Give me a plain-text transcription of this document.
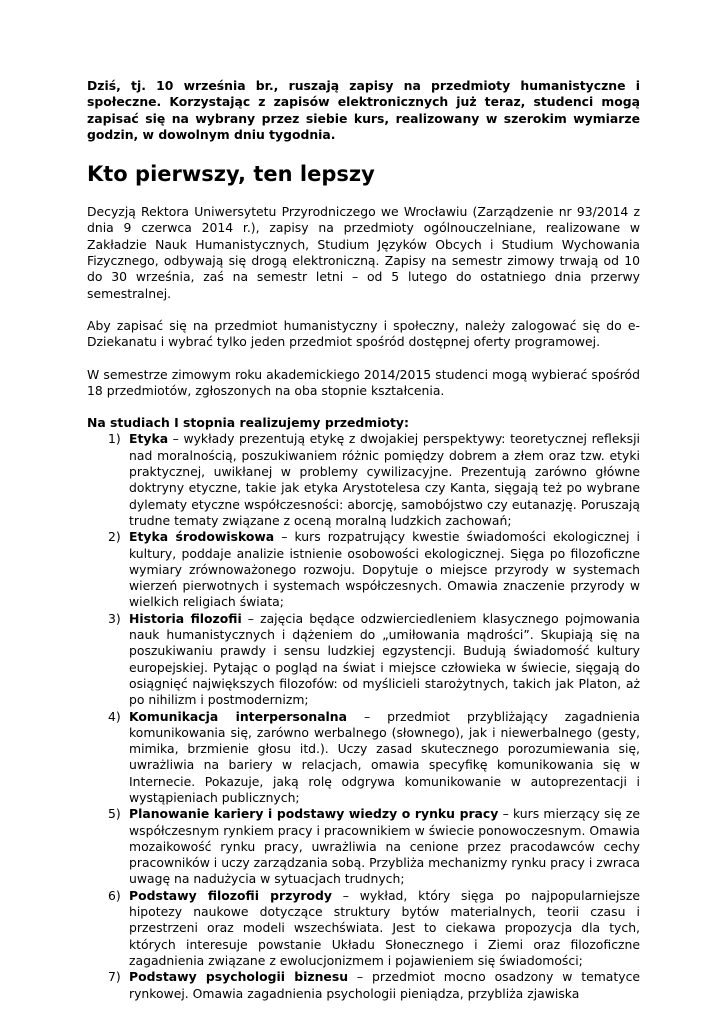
Dziś, tj. 10 września br., ruszają zapisy na przedmioty humanistyczne i społeczne. Korzystając z zapisów elektronicznych już teraz, studenci mogą zapisać się na wybrany przez siebie kurs, realizowany w szerokim wymiarze godzin, w dowolnym dniu tygodnia.

Kto pierwszy, ten lepszy

Decyzją Rektora Uniwersytetu Przyrodniczego we Wrocławiu (Zarządzenie nr 93/2014 z dnia 9 czerwca 2014 r.), zapisy na przedmioty ogólnouczelniane, realizowane w Zakładzie Nauk Humanistycznych, Studium Języków Obcych i Studium Wychowania Fizycznego, odbywają się drogą elektroniczną. Zapisy na semestr zimowy trwają od 10 do 30 września, zaś na semestr letni – od 5 lutego do ostatniego dnia przerwy semestralnej.

Aby zapisać się na przedmiot humanistyczny i społeczny, należy zalogować się do e-Dziekanatu i wybrać tylko jeden przedmiot spośród dostępnej oferty programowej.

W semestrze zimowym roku akademickiego 2014/2015 studenci mogą wybierać spośród 18 przedmiotów, zgłoszonych na oba stopnie kształcenia.

Na studiach I stopnia realizujemy przedmioty:
1) Etyka – wykłady prezentują etykę z dwojakiej perspektywy: teoretycznej refleksji nad moralnością, poszukiwaniem różnic pomiędzy dobrem a złem oraz tzw. etyki praktycznej, uwikłanej w problemy cywilizacyjne. Prezentują zarówno główne doktryny etyczne, takie jak etyka Arystotelesa czy Kanta, sięgają też po wybrane dylematy etyczne współczesności: aborcję, samobójstwo czy eutanazję. Poruszają trudne tematy związane z oceną moralną ludzkich zachowań;
2) Etyka środowiskowa – kurs rozpatrujący kwestie świadomości ekologicznej i kultury, poddaje analizie istnienie osobowości ekologicznej. Sięga po filozoficzne wymiary zrównoważonego rozwoju. Dopytuje o miejsce przyrody w systemach wierzeń pierwotnych i systemach współczesnych. Omawia znaczenie przyrody w wielkich religiach świata;
3) Historia filozofii – zajęcia będące odzwierciedleniem klasycznego pojmowania nauk humanistycznych i dążeniem do „umiłowania mądrości”. Skupiają się na poszukiwaniu prawdy i sensu ludzkiej egzystencji. Budują świadomość kultury europejskiej. Pytając o pogląd na świat i miejsce człowieka w świecie, sięgają do osiągnięć największych filozofów: od myślicieli starożytnych, takich jak Platon, aż po nihilizm i postmodernizm;
4) Komunikacja interpersonalna – przedmiot przybliżający zagadnienia komunikowania się, zarówno werbalnego (słownego), jak i niewerbalnego (gesty, mimika, brzmienie głosu itd.). Uczy zasad skutecznego porozumiewania się, uwrażliwia na bariery w relacjach, omawia specyfikę komunikowania się w Internecie. Pokazuje, jaką rolę odgrywa komunikowanie w autoprezentacji i wystąpieniach publicznych;
5) Planowanie kariery i podstawy wiedzy o rynku pracy – kurs mierzący się ze współczesnym rynkiem pracy i pracownikiem w świecie ponowoczesnym. Omawia mozaikowość rynku pracy, uwrażliwia na cenione przez pracodawców cechy pracowników i uczy zarządzania sobą. Przybliża mechanizmy rynku pracy i zwraca uwagę na nadużycia w sytuacjach trudnych;
6) Podstawy filozofii przyrody – wykład, który sięga po najpopularniejsze hipotezy naukowe dotyczące struktury bytów materialnych, teorii czasu i przestrzeni oraz modeli wszechświata. Jest to ciekawa propozycja dla tych, których interesuje powstanie Układu Słonecznego i Ziemi oraz filozoficzne zagadnienia związane z ewolucjonizmem i pojawieniem się świadomości;
7) Podstawy psychologii biznesu – przedmiot mocno osadzony w tematyce rynkowej. Omawia zagadnienia psychologii pieniądza, przybliża zjawiska
